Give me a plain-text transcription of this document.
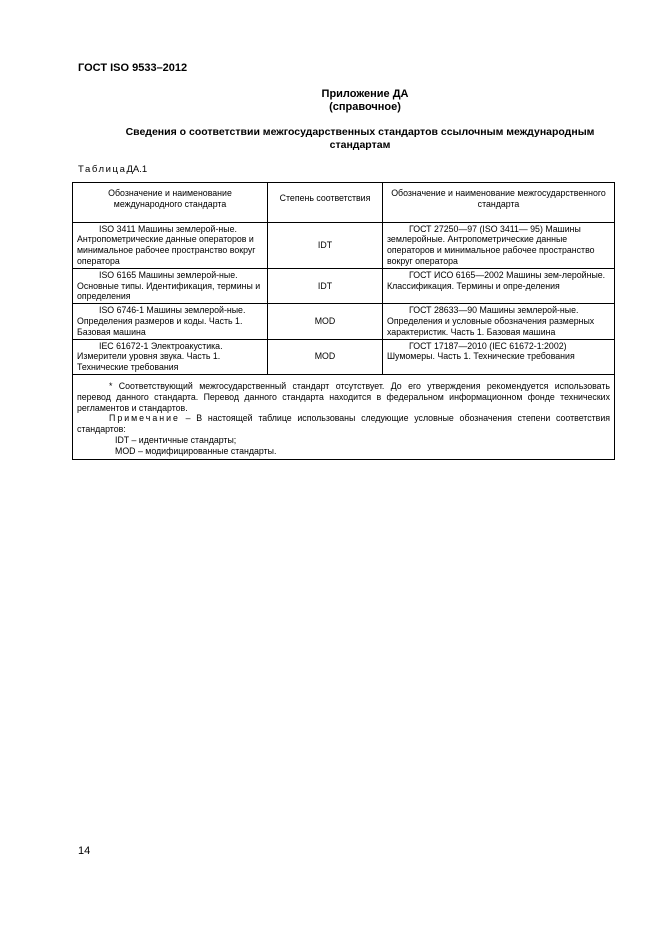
ГОСТ ISO 9533–2012
Приложение ДА
(справочное)
Сведения о соответствии межгосударственных стандартов ссылочным международным стандартам
ТаблицаДА.1
Обозначение и наименование международного стандарта	Степень соответствия	Обозначение и наименование межгосударственного стандарта
ISO 3411 Машины землерой-ные. Антропометрические данные операторов и минимальное рабочее пространство вокруг оператора	IDT	ГОСТ 27250—97 (ISO 3411— 95) Машины землеройные. Антропометрические данные операторов и минимальное рабочее пространство вокруг оператора
ISO 6165 Машины землерой-ные. Основные типы. Идентификация, термины и определения	IDT	ГОСТ ИСО 6165—2002 Машины зем-леройные. Классификация. Термины и опре-деления
ISO 6746-1 Машины землерой-ные. Определения размеров и коды. Часть 1. Базовая машина	MOD	ГОСТ 28633—90 Машины землерой-ные. Определения и условные обозначения размерных характеристик. Часть 1. Базовая машина
IEC 61672-1 Электроакустика. Измерители уровня звука. Часть 1. Технические требования	MOD	ГОСТ 17187—2010 (IEC 61672-1:2002) Шумомеры. Часть 1. Технические требования

* Соответствующий межгосударственный стандарт отсутствует. До его утверждения рекомендуется использовать перевод данного стандарта. Перевод данного стандарта находится в федеральном информационном фонде технических регламентов и стандартов.

Примечание – В настоящей таблице использованы следующие условные обозначения степени соответствия стандартов:

IDT – идентичные стандарты;

MOD – модифицированные стандарты.		

14
